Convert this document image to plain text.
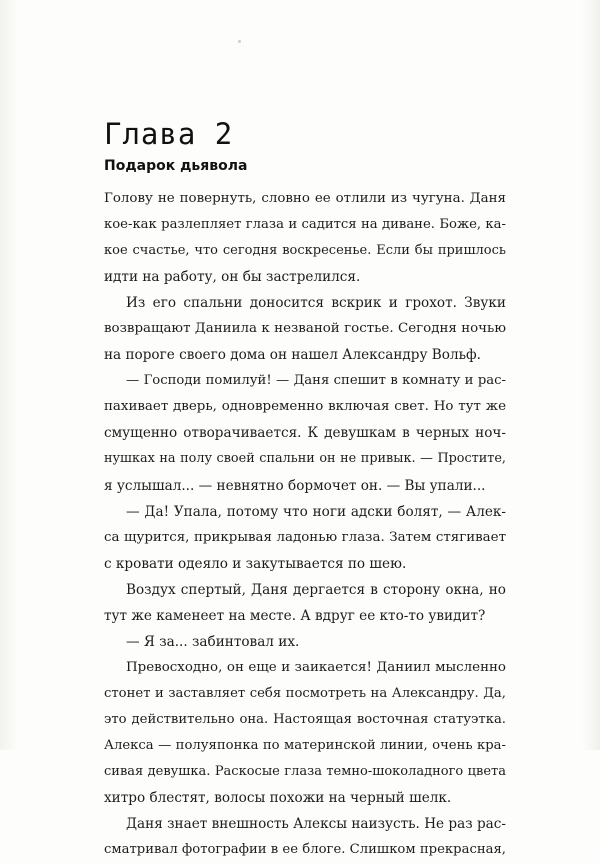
Глава 2
Подарок дьявола
Голову не повернуть, словно ее отлили из чугуна. Даня
кое-как разлепляет глаза и садится на диване. Боже, ка-
кое счастье, что сегодня воскресенье. Если бы пришлось
идти на работу, он бы застрелился.
Из его спальни доносится вскрик и грохот. Звуки
возвращают Даниила к незваной гостье. Сегодня ночью
на пороге своего дома он нашел Александру Вольф.
— Господи помилуй! — Даня спешит в комнату и рас-
пахивает дверь, одновременно включая свет. Но тут же
смущенно отворачивается. К девушкам в черных ноч-
нушках на полу своей спальни он не привык. — Простите,
я услышал... — невнятно бормочет он. — Вы упали...
— Да! Упала, потому что ноги адски болят, — Алек-
са щурится, прикрывая ладонью глаза. Затем стягивает
с кровати одеяло и закутывается по шею.
Воздух спертый, Даня дергается в сторону окна, но
тут же каменеет на месте. А вдруг ее кто-то увидит?
— Я за... забинтовал их.
Превосходно, он еще и заикается! Даниил мысленно
стонет и заставляет себя посмотреть на Александру. Да,
это действительно она. Настоящая восточная статуэтка.
Алекса — полуяпонка по материнской линии, очень кра-
сивая девушка. Раскосые глаза темно-шоколадного цвета
хитро блестят, волосы похожи на черный шелк.
Даня знает внешность Алексы наизусть. Не раз рас-
сматривал фотографии в ее блоге. Слишком прекрасная,
